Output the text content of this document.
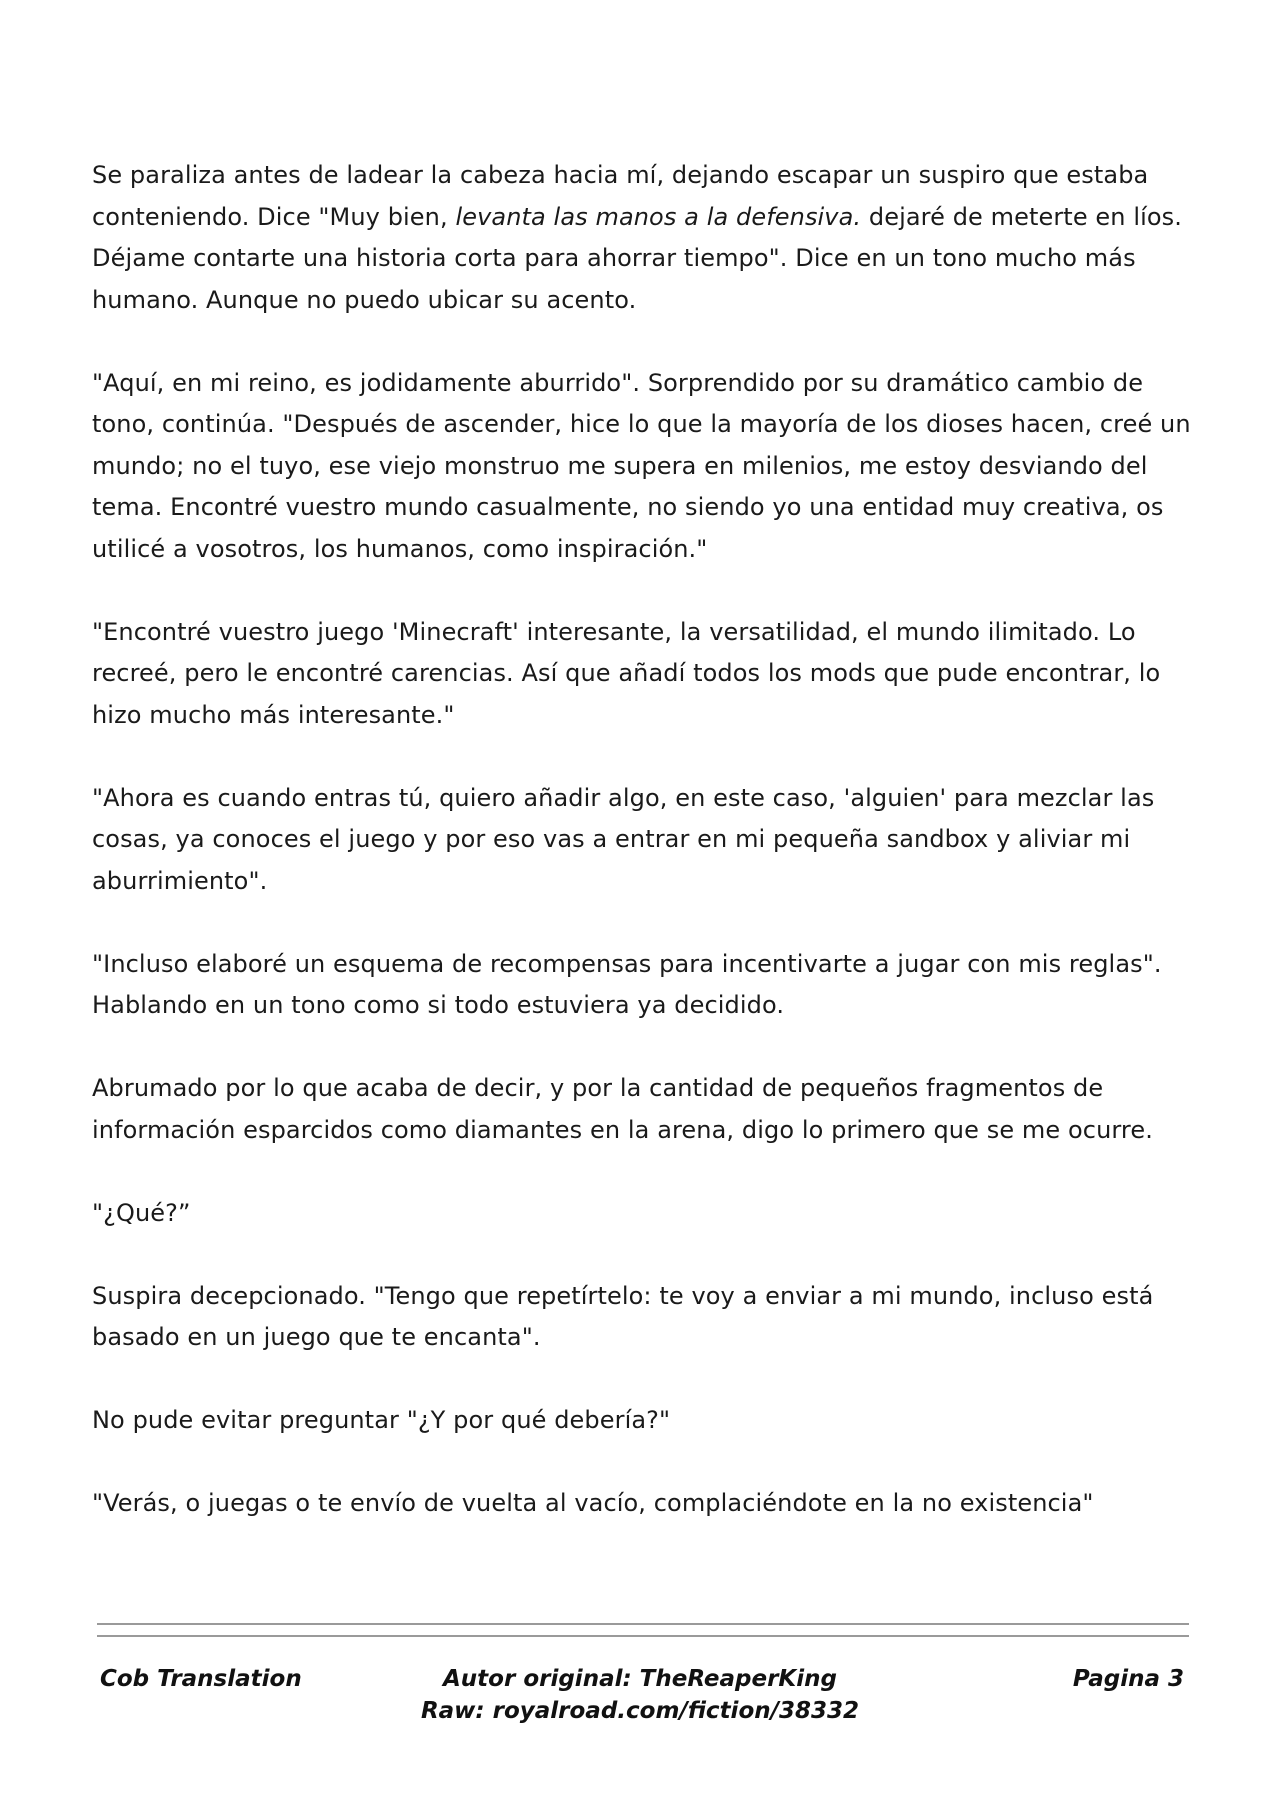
Se paraliza antes de ladear la cabeza hacia mí, dejando escapar un suspiro que estaba conteniendo. Dice "Muy bien, levanta las manos a la defensiva. dejaré de meterte en líos. Déjame contarte una historia corta para ahorrar tiempo". Dice en un tono mucho más humano. Aunque no puedo ubicar su acento.

"Aquí, en mi reino, es jodidamente aburrido". Sorprendido por su dramático cambio de tono, continúa. "Después de ascender, hice lo que la mayoría de los dioses hacen, creé un mundo; no el tuyo, ese viejo monstruo me supera en milenios, me estoy desviando del tema. Encontré vuestro mundo casualmente, no siendo yo una entidad muy creativa, os utilicé a vosotros, los humanos, como inspiración."

"Encontré vuestro juego 'Minecraft' interesante, la versatilidad, el mundo ilimitado. Lo recreé, pero le encontré carencias. Así que añadí todos los mods que pude encontrar, lo hizo mucho más interesante."

"Ahora es cuando entras tú, quiero añadir algo, en este caso, 'alguien' para mezclar las cosas, ya conoces el juego y por eso vas a entrar en mi pequeña sandbox y aliviar mi aburrimiento".

"Incluso elaboré un esquema de recompensas para incentivarte a jugar con mis reglas". Hablando en un tono como si todo estuviera ya decidido.

Abrumado por lo que acaba de decir, y por la cantidad de pequeños fragmentos de información esparcidos como diamantes en la arena, digo lo primero que se me ocurre.

"¿Qué?”

Suspira decepcionado. "Tengo que repetírtelo: te voy a enviar a mi mundo, incluso está basado en un juego que te encanta".

No pude evitar preguntar "¿Y por qué debería?"

"Verás, o juegas o te envío de vuelta al vacío, complaciéndote en la no existencia"

Cob Translation	Autor original: TheReaperKing
Raw: royalroad.com/fiction/38332
Pagina 3
